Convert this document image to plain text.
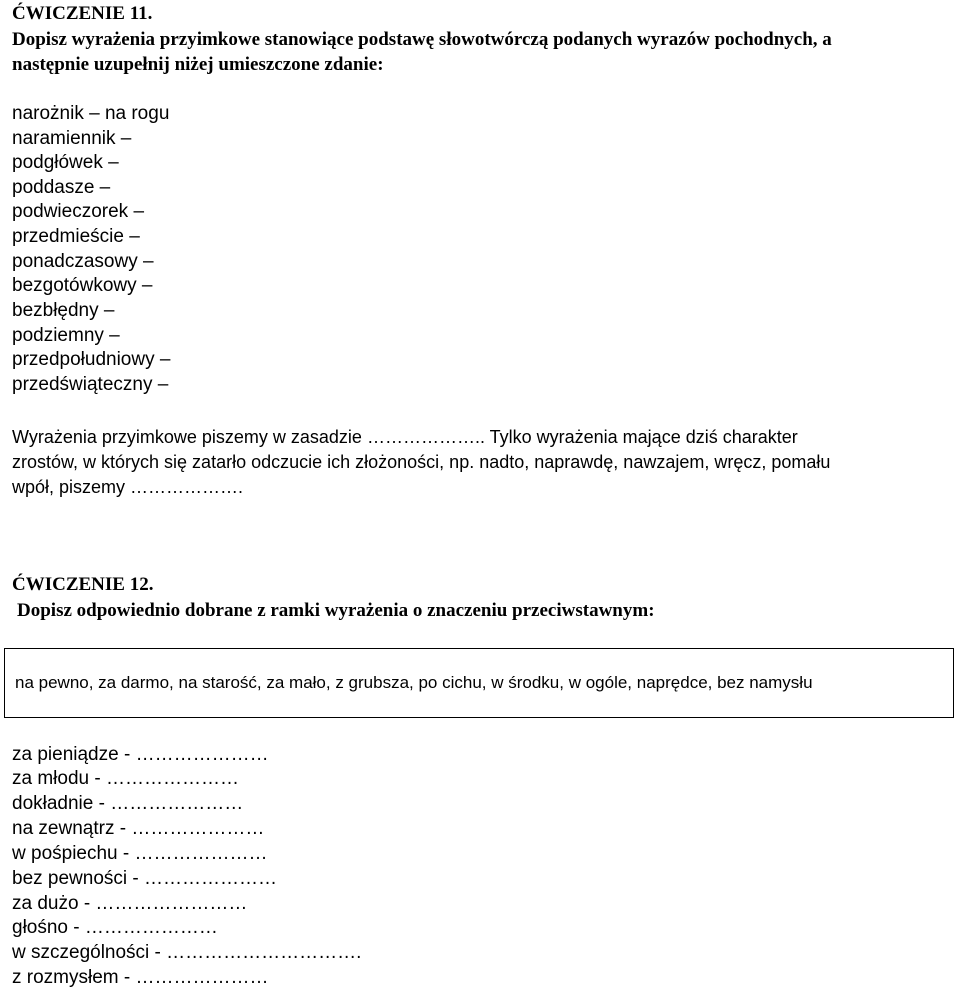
ĆWICZENIE 11.
Dopisz wyrażenia przyimkowe stanowiące podstawę słowotwórczą podanych wyrazów pochodnych, a
następnie uzupełnij niżej umieszczone zdanie:
narożnik – na rogu
naramiennik –
podgłówek –
poddasze –
podwieczorek –
przedmieście –
ponadczasowy –
bezgotówkowy –
bezbłędny –
podziemny –
przedpołudniowy –
przedświąteczny –
Wyrażenia przyimkowe piszemy w zasadzie ……………….. Tylko wyrażenia mające dziś charakter
zrostów, w których się zatarło odczucie ich złożoności, np. nadto, naprawdę, nawzajem, wręcz, pomału
wpół, piszemy ……………….
ĆWICZENIE 12.
Dopisz odpowiednio dobrane z ramki wyrażenia o znaczeniu przeciwstawnym:
na pewno, za darmo, na starość, za mało, z grubsza, po cichu, w środku, w ogóle, naprędce, bez namysłu
za pieniądze - …………………
za młodu - …………………
dokładnie - …………………
na zewnątrz - …………………
w pośpiechu - …………………
bez pewności - …………………
za dużo - ……………………
głośno - …………………
w szczególności - ………………………….
z rozmysłem - …………………
